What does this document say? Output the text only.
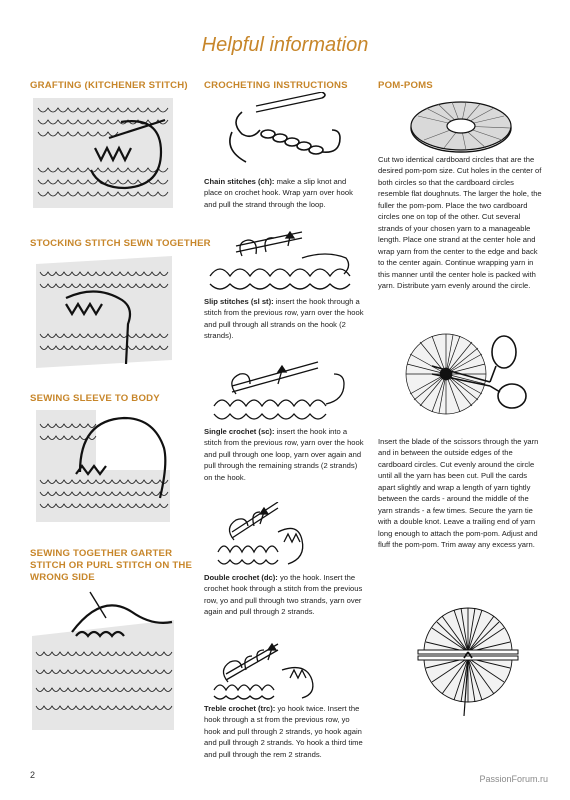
Helpful information
GRAFTING (KITCHENER STITCH)
STOCKING STITCH SEWN TOGETHER
SEWING SLEEVE TO BODY
SEWING TOGETHER GARTER
STITCH OR PURL STITCH ON THE
WRONG SIDE
2
CROCHETING INSTRUCTIONS
Chain stitches (ch): make a slip knot and place on crochet hook. Wrap yarn over hook and pull the strand through the loop.
Slip stitches (sl st): insert the hook through a stitch from the previous row, yarn over the hook and pull through all strands on the hook (2 strands).
Single crochet (sc): insert the hook into a stitch from the previous row, yarn over the hook and pull through one loop, yarn over again and pull through the remaining strands (2 strands) on the hook.
Double crochet (dc): yo the hook. Insert the crochet hook through a stitch from the previous row, yo and pull through two strands, yarn over again and pull through 2 strands.
Treble crochet (trc): yo hook twice. Insert the hook through a st from the previous row, yo hook and pull through 2 strands, yo hook again and pull through 2 strands. Yo hook a third time and pull through the rem 2 strands.
POM-POMS
Cut two identical cardboard circles that are the desired pom-pom size. Cut holes in the center of both circles so that the cardboard circles resemble flat doughnuts. The larger the hole, the fuller the pom-pom. Place the two cardboard circles one on top of the other. Cut several strands of your chosen yarn to a manageable length. Place one strand at the center hole and wrap yarn from the center to the edge and back to the center again. Continue wrapping yarn in this manner until the center hole is packed with yarn. Distribute yarn evenly around the circle.
Insert the blade of the scissors through the yarn and in between the outside edges of the cardboard circles. Cut evenly around the circle until all the yarn has been cut. Pull the cards apart slightly and wrap a length of yarn tightly between the cards - around the middle of the yarn strands - a few times. Secure the yarn tie with a double knot. Leave a trailing end of yarn long enough to attach the pom-pom. Adjust and fluff the pom-pom. Trim away any excess yarn.
PassionForum.ru
